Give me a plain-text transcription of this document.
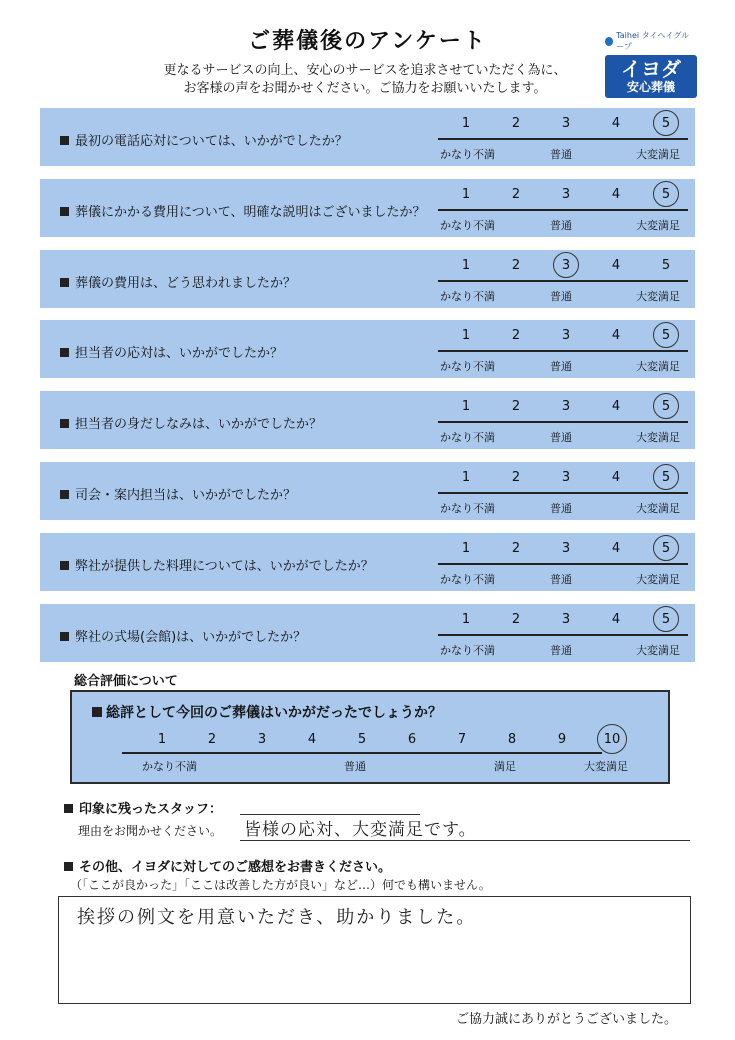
ご葬儀後のアンケート
更なるサービスの向上、安心のサービスを追求させていただく為に、
お客様の声をお聞かせください。ご協力をお願いいたします。
Taihei タイヘイグループ
イヨダ
安心葬儀
最初の電話応対については、いかがでしたか？
1	2	3	4	5
かなり不満	普通	大変満足
葬儀にかかる費用について、明確な説明はございましたか？
1	2	3	4	5
かなり不満	普通	大変満足
葬儀の費用は、どう思われましたか？
1	2	3	4	5
かなり不満	普通	大変満足
担当者の応対は、いかがでしたか？
1	2	3	4	5
かなり不満	普通	大変満足
担当者の身だしなみは、いかがでしたか？
1	2	3	4	5
かなり不満	普通	大変満足
司会・案内担当は、いかがでしたか？
1	2	3	4	5
かなり不満	普通	大変満足
弊社が提供した料理については、いかがでしたか？
1	2	3	4	5
かなり不満	普通	大変満足
弊社の式場(会館)は、いかがでしたか？
1	2	3	4	5
かなり不満	普通	大変満足
総合評価について
総評として今回のご葬儀はいかがだったでしょうか？
かなり不満	普通	満足	大変満足
1	2	3	4	5	6	7	8	9	10
印象に残ったスタッフ：
理由をお聞かせください。 皆様の応対、大変満足です。
その他、イヨダに対してのご感想をお書きください。
（「ここが良かった」「ここは改善した方が良い」など…）何でも構いません。
挨拶の例文を用意いただき、助かりました。
ご協力誠にありがとうございました。
